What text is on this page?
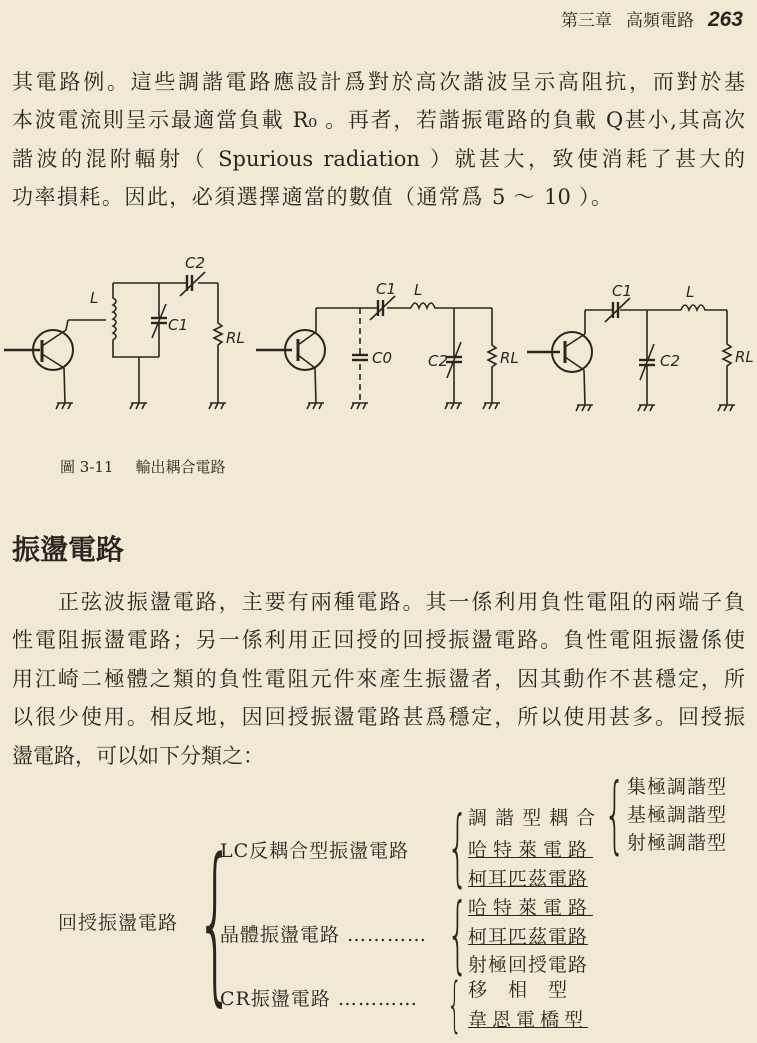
第三章 高頻電路 263
其電路例。這些調諧電路應設計爲對於高次諧波呈示高阻抗，而對於基
本波電流則呈示最適當負載 R₀ 。再者，若諧振電路的負載 Q甚小,其高次
諧波的混附輻射（ Spurious radiation ）就甚大，致使消耗了甚大的
功率損耗。因此，必須選擇適當的數值（通常爲 5 ～ 10 ）。
L
C1
C2
RL
C0
C1 L
C2	RL
C1	L
C2	RL
圖 3-11 輸出耦合電路
振盪電路
正弦波振盪電路，主要有兩種電路。其一係利用負性電阻的兩端子負
性電阻振盪電路；另一係利用正回授的回授振盪電路。負性電阻振盪係使
用江崎二極體之類的負性電阻元件來產生振盪者，因其動作不甚穩定，所
以很少使用。相反地，因回授振盪電路甚爲穩定，所以使用甚多。回授振
盪電路，可以如下分類之：
回授振盪電路 {
LC反耦合型振盪電路 { 調 諧 型 耦 合
哈特萊電路
柯耳匹茲電路
{ 集極調諧型
基極調諧型
射極調諧型
晶體振盪電路 ………… { 哈特萊電路
柯耳匹茲電路
射極回授電路
CR振盪電路 ………… { 移　相　型
韋恩電橋型
